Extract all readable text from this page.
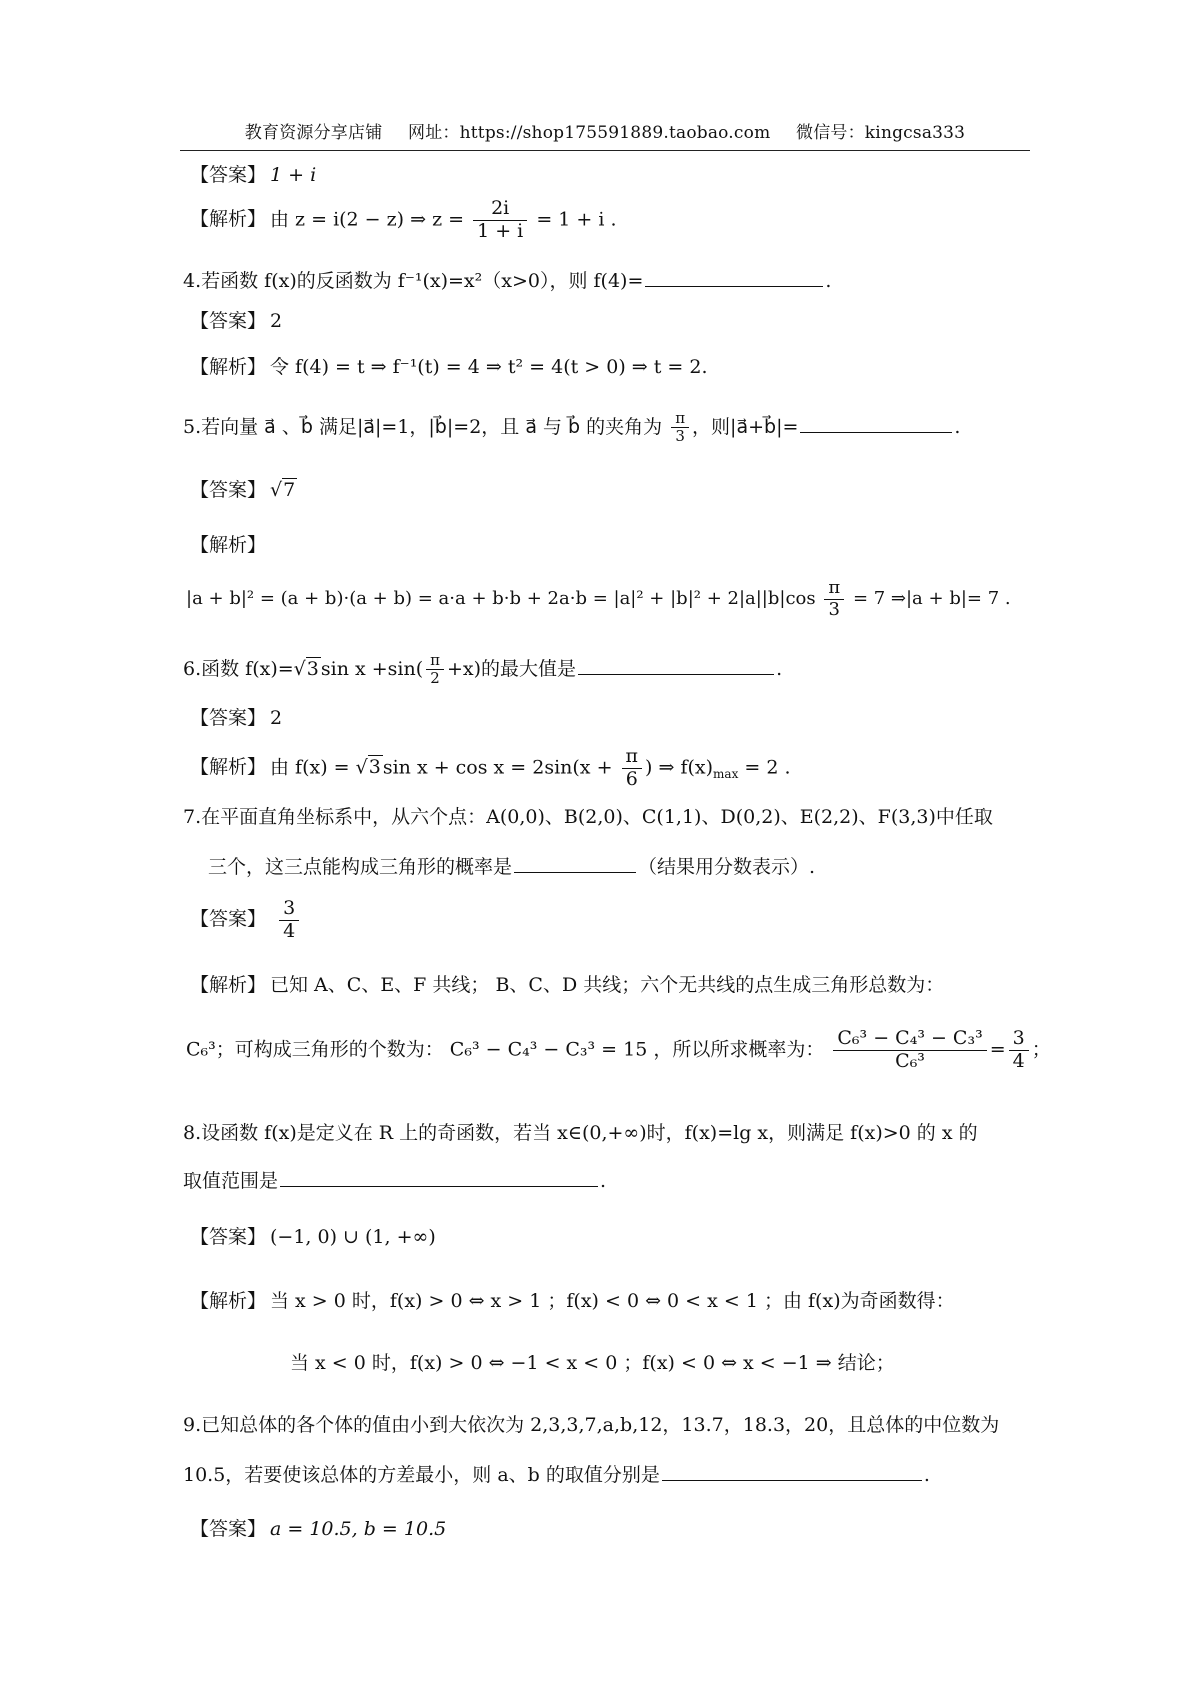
教育资源分享店铺 网址：https://shop175591889.taobao.com 微信号：kingcsa333
【答案】 1 + i
【解析】 由 z = i(2 − z) ⇒ $z = \frac{2i}{1 + i} = 1 + i$ .
4.若函数 f(x)的反函数为 f⁻¹(x)=x²（x>0），则 f(4)=	.
【答案】 2
【解析】 令 f(4) = t ⇒ f⁻¹(t) = 4 ⇒ t² = 4(t > 0) ⇒ t = 2.
5.若向量 a⃗ 、b⃗ 满足|a⃗|=1，|b⃗|=2，且 a⃗ 与 b⃗ 的夹角为 $\frac{\pi}{3}$ ，则|a⃗+b⃗|=	.
【答案】 √7
【解析】
$|a + b|^2 = (a + b)\cdot(a + b) = a\cdot a + b\cdot b + 2a\cdot b = |a|^2 + |b|^2 + 2|a||b|\cos \frac{\pi}{3} = 7$ ⇒|a + b|= 7 .
6.函数 f(x)=√3 $\sin x +\sin( \frac{\pi}{2} +x)$的最大值是	.
【答案】 2
【解析】 由 f(x) = √3 $\sin x + \cos x = 2\sin(x + \frac{\pi}{6}$ ) ⇒ $f(x)_{max} = 2$ .
7.在平面直角坐标系中，从六个点：A(0,0)、B(2,0)、C(1,1)、D(0,2)、E(2,2)、F(3,3)中任取
三个，这三点能构成三角形的概率是	（结果用分数表示）.
【答案】 $\frac{3}{4}$
【解析】 已知 A、C、E、F 共线； B、C、D 共线；六个无共线的点生成三角形总数为：
C₆³；可构成三角形的个数为： C₆³ − C₄³ − C₃³ = 15 ，所以所求概率为： $\frac{\text{C₆³ − C₄³ − C₃³}}{\text{C₆³}} = \frac{3}{4}$ ；
8.设函数 f(x)是定义在 R 上的奇函数，若当 x∈(0,+∞)时，f(x)=lg x，则满足 f(x)>0 的 x 的
取值范围是	.
【答案】 (−1, 0) ∪ (1, +∞)
【解析】 当 x > 0 时，f(x) > 0 ⇔ x > 1 ；f(x) < 0 ⇔ 0 < x < 1 ；由 f(x)为奇函数得：
当 x < 0 时，f(x) > 0 ⇔ −1 < x < 0 ；f(x) < 0 ⇔ x < −1 ⇒ 结论；
9.已知总体的各个体的值由小到大依次为 2,3,3,7,a,b,12，13.7，18.3，20，且总体的中位数为
10.5，若要使该总体的方差最小，则 a、b 的取值分别是	.
【答案】 a = 10.5, b = 10.5
